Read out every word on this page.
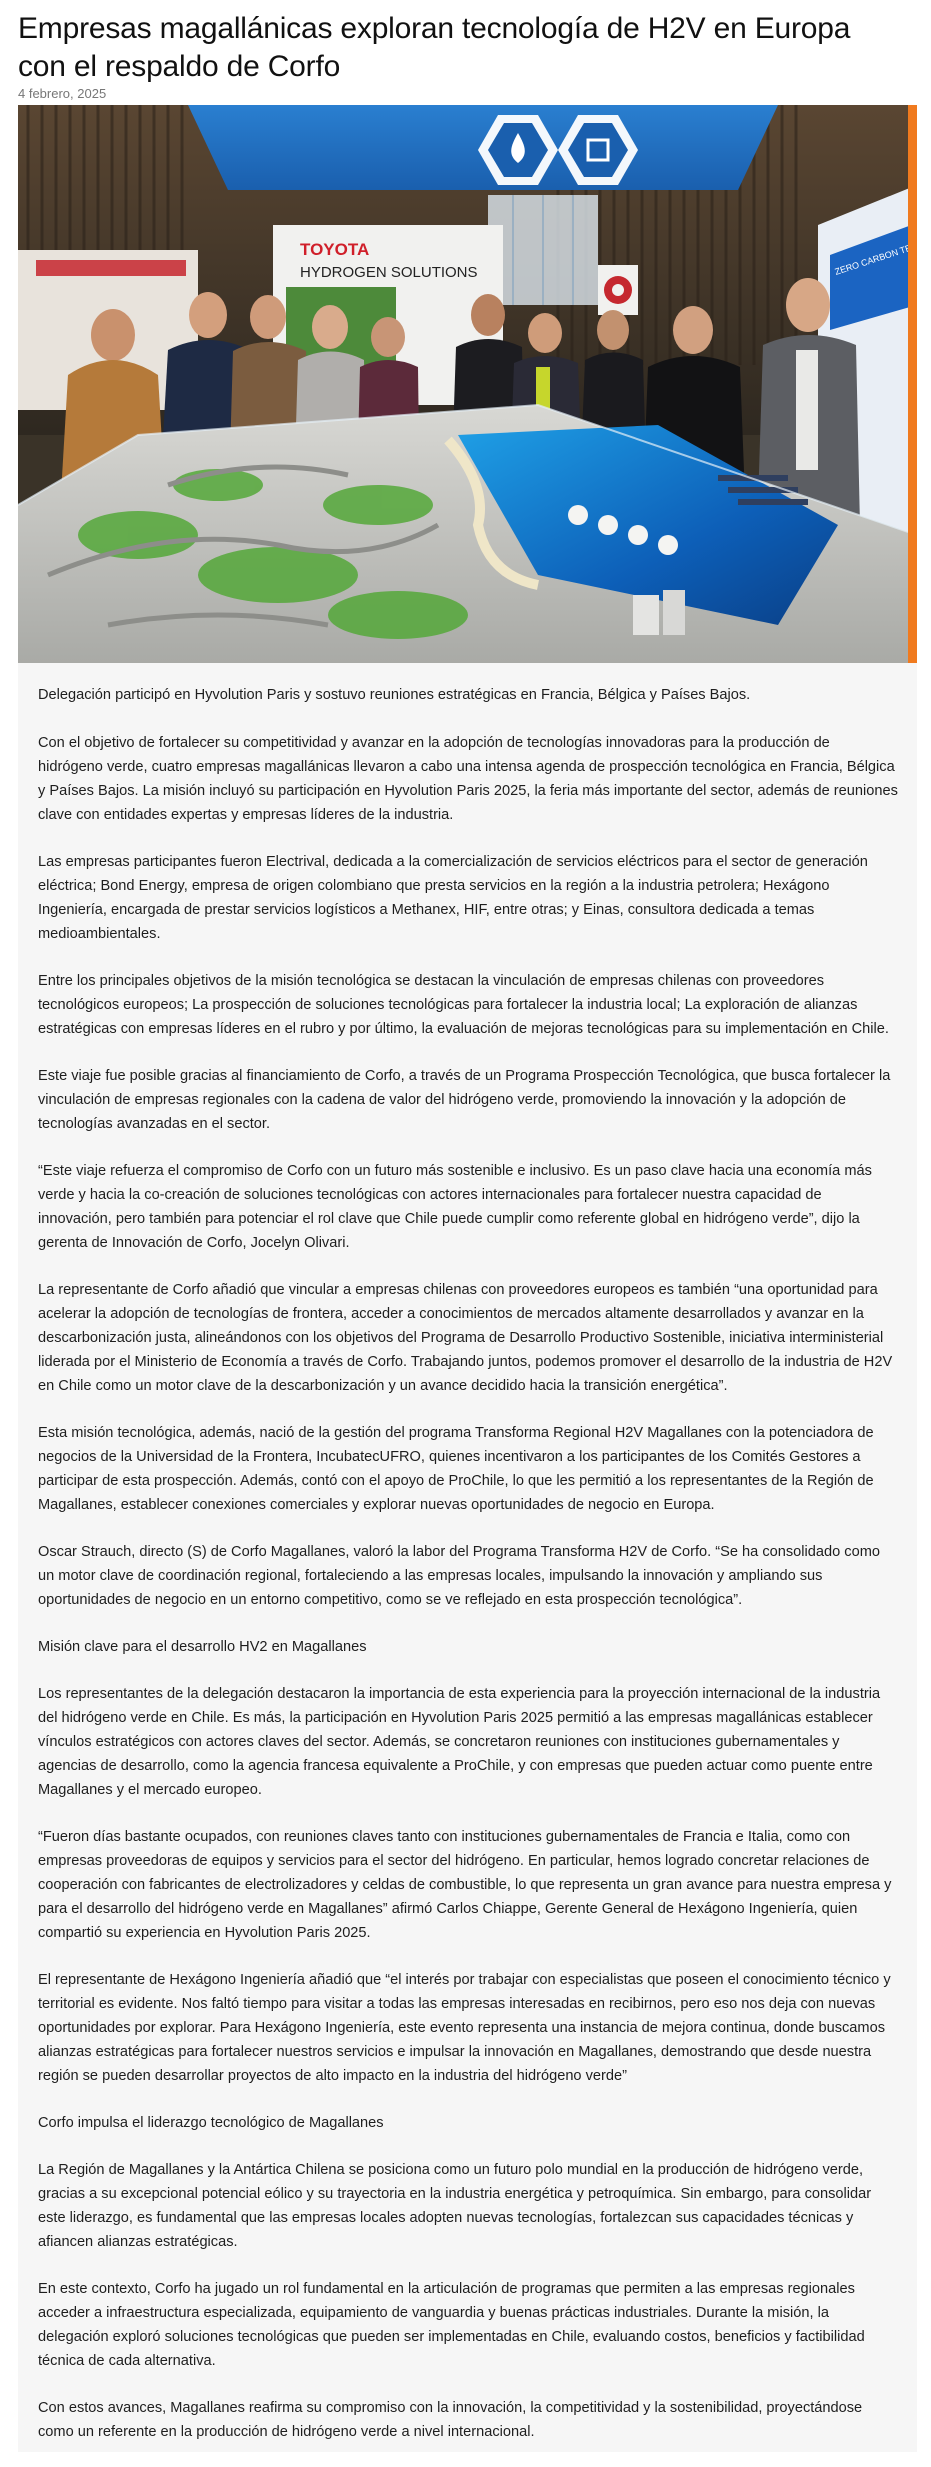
Empresas magallánicas exploran tecnología de H2V en Europa con el respaldo de Corfo
4 febrero, 2025
TOYOTA
HYDROGEN SOLUTIONS

Delegación participó en Hyvolution Paris y sostuvo reuniones estratégicas en Francia, Bélgica y Países Bajos.

Con el objetivo de fortalecer su competitividad y avanzar en la adopción de tecnologías innovadoras para la producción de hidrógeno verde, cuatro empresas magallánicas llevaron a cabo una intensa agenda de prospección tecnológica en Francia, Bélgica y Países Bajos. La misión incluyó su participación en Hyvolution Paris 2025, la feria más importante del sector, además de reuniones clave con entidades expertas y empresas líderes de la industria.

Las empresas participantes fueron Electrival, dedicada a la comercialización de servicios eléctricos para el sector de generación eléctrica; Bond Energy, empresa de origen colombiano que presta servicios en la región a la industria petrolera; Hexágono Ingeniería, encargada de prestar servicios logísticos a Methanex, HIF, entre otras; y Einas, consultora dedicada a temas medioambientales.

Entre los principales objetivos de la misión tecnológica se destacan la vinculación de empresas chilenas con proveedores tecnológicos europeos; La prospección de soluciones tecnológicas para fortalecer la industria local; La exploración de alianzas estratégicas con empresas líderes en el rubro y por último, la evaluación de mejoras tecnológicas para su implementación en Chile.

Este viaje fue posible gracias al financiamiento de Corfo, a través de un Programa Prospección Tecnológica, que busca fortalecer la vinculación de empresas regionales con la cadena de valor del hidrógeno verde, promoviendo la innovación y la adopción de tecnologías avanzadas en el sector.

“Este viaje refuerza el compromiso de Corfo con un futuro más sostenible e inclusivo. Es un paso clave hacia una economía más verde y hacia la co-creación de soluciones tecnológicas con actores internacionales para fortalecer nuestra capacidad de innovación, pero también para potenciar el rol clave que Chile puede cumplir como referente global en hidrógeno verde”, dijo la gerenta de Innovación de Corfo, Jocelyn Olivari.

La representante de Corfo añadió que vincular a empresas chilenas con proveedores europeos es también “una oportunidad para acelerar la adopción de tecnologías de frontera, acceder a conocimientos de mercados altamente desarrollados y avanzar en la descarbonización justa, alineándonos con los objetivos del Programa de Desarrollo Productivo Sostenible, iniciativa interministerial liderada por el Ministerio de Economía a través de Corfo. Trabajando juntos, podemos promover el desarrollo de la industria de H2V en Chile como un motor clave de la descarbonización y un avance decidido hacia la transición energética”.

Esta misión tecnológica, además, nació de la gestión del programa Transforma Regional H2V Magallanes con la potenciadora de negocios de la Universidad de la Frontera, IncubatecUFRO, quienes incentivaron a los participantes de los Comités Gestores a participar de esta prospección. Además, contó con el apoyo de ProChile, lo que les permitió a los representantes de la Región de Magallanes, establecer conexiones comerciales y explorar nuevas oportunidades de negocio en Europa.

Oscar Strauch, directo (S) de Corfo Magallanes, valoró la labor del Programa Transforma H2V de Corfo. “Se ha consolidado como un motor clave de coordinación regional, fortaleciendo a las empresas locales, impulsando la innovación y ampliando sus oportunidades de negocio en un entorno competitivo, como se ve reflejado en esta prospección tecnológica”.

Misión clave para el desarrollo HV2 en Magallanes

Los representantes de la delegación destacaron la importancia de esta experiencia para la proyección internacional de la industria del hidrógeno verde en Chile. Es más, la participación en Hyvolution Paris 2025 permitió a las empresas magallánicas establecer vínculos estratégicos con actores claves del sector. Además, se concretaron reuniones con instituciones gubernamentales y agencias de desarrollo, como la agencia francesa equivalente a ProChile, y con empresas que pueden actuar como puente entre Magallanes y el mercado europeo.

“Fueron días bastante ocupados, con reuniones claves tanto con instituciones gubernamentales de Francia e Italia, como con empresas proveedoras de equipos y servicios para el sector del hidrógeno. En particular, hemos logrado concretar relaciones de cooperación con fabricantes de electrolizadores y celdas de combustible, lo que representa un gran avance para nuestra empresa y para el desarrollo del hidrógeno verde en Magallanes” afirmó Carlos Chiappe, Gerente General de Hexágono Ingeniería, quien compartió su experiencia en Hyvolution Paris 2025.

El representante de Hexágono Ingeniería añadió que “el interés por trabajar con especialistas que poseen el conocimiento técnico y territorial es evidente. Nos faltó tiempo para visitar a todas las empresas interesadas en recibirnos, pero eso nos deja con nuevas oportunidades por explorar. Para Hexágono Ingeniería, este evento representa una instancia de mejora continua, donde buscamos alianzas estratégicas para fortalecer nuestros servicios e impulsar la innovación en Magallanes, demostrando que desde nuestra región se pueden desarrollar proyectos de alto impacto en la industria del hidrógeno verde”

Corfo impulsa el liderazgo tecnológico de Magallanes

La Región de Magallanes y la Antártica Chilena se posiciona como un futuro polo mundial en la producción de hidrógeno verde, gracias a su excepcional potencial eólico y su trayectoria en la industria energética y petroquímica. Sin embargo, para consolidar este liderazgo, es fundamental que las empresas locales adopten nuevas tecnologías, fortalezcan sus capacidades técnicas y afiancen alianzas estratégicas.

En este contexto, Corfo ha jugado un rol fundamental en la articulación de programas que permiten a las empresas regionales acceder a infraestructura especializada, equipamiento de vanguardia y buenas prácticas industriales. Durante la misión, la delegación exploró soluciones tecnológicas que pueden ser implementadas en Chile, evaluando costos, beneficios y factibilidad técnica de cada alternativa.

Con estos avances, Magallanes reafirma su compromiso con la innovación, la competitividad y la sostenibilidad, proyectándose como un referente en la producción de hidrógeno verde a nivel internacional.
